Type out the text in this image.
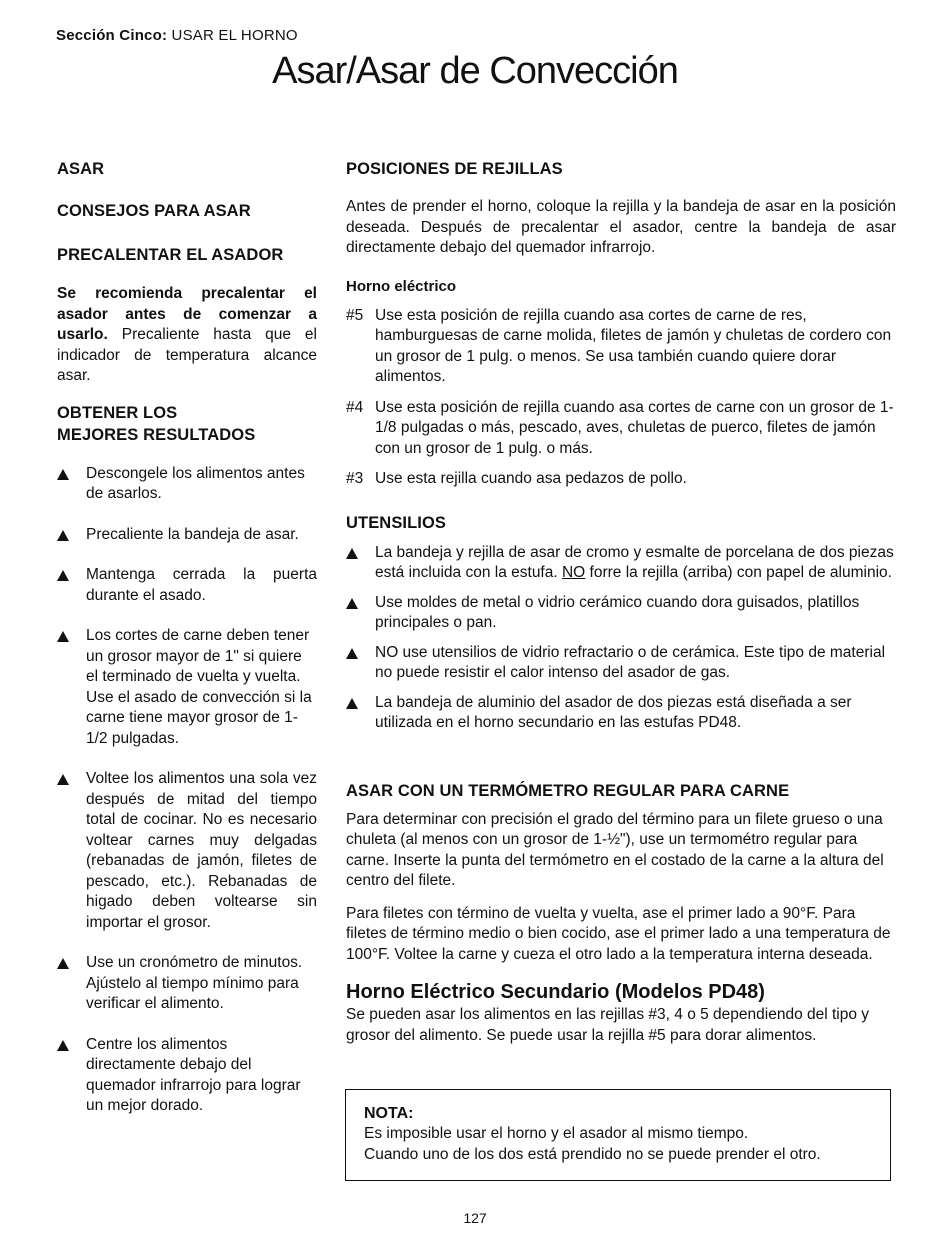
Sección Cinco: USAR EL HORNO
Asar/Asar de Convección
ASAR
CONSEJOS PARA ASAR
PRECALENTAR EL ASADOR

Se recomienda precalentar el asador antes de comenzar a usarlo. Precaliente hasta que el indicador de temperatura alcance asar.

OBTENER LOS
MEJORES RESULTADOS
Descongele los alimentos antes de asarlos.
Precaliente la bandeja de asar.
Mantenga cerrada la puerta durante el asado.
Los cortes de carne deben tener un grosor mayor de 1" si quiere el terminado de vuelta y vuelta. Use el asado de convección si la carne tiene mayor grosor de 1-1/2 pulgadas.
Voltee los alimentos una sola vez después de mitad del tiempo total de cocinar. No es necesario voltear carnes muy delgadas (rebanadas de jamón, filetes de pescado, etc.). Rebanadas de higado deben voltearse sin importar el grosor.
Use un cronómetro de minutos. Ajústelo al tiempo mínimo para verificar el alimento.
Centre los alimentos directamente debajo del quemador infrarrojo para lograr un mejor dorado.
POSICIONES DE REJILLAS

Antes de prender el horno, coloque la rejilla y la bandeja de asar en la posición deseada. Después de precalentar el asador, centre la bandeja de asar directamente debajo del quemador infrarrojo.

Horno eléctrico

#5 Use esta posición de rejilla cuando asa cortes de carne de res, hamburguesas de carne molida, filetes de jamón y chuletas de cordero con un grosor de 1 pulg. o menos. Se usa también cuando quiere dorar alimentos.
#4 Use esta posición de rejilla cuando asa cortes de carne con un grosor de 1-1/8 pulgadas o más, pescado, aves, chuletas de puerco, filetes de jamón con un grosor de 1 pulg. o más.
#3 Use esta rejilla cuando asa pedazos de pollo.
UTENSILIOS
La bandeja y rejilla de asar de cromo y esmalte de porcelana de dos piezas está incluida con la estufa. NO forre la rejilla (arriba) con papel de aluminio.
Use moldes de metal o vidrio cerámico cuando dora guisados, platillos principales o pan.
NO use utensilios de vidrio refractario o de cerámica. Este tipo de material no puede resistir el calor intenso del asador de gas.
La bandeja de aluminio del asador de dos piezas está diseñada a ser utilizada en el horno secundario en las estufas PD48.
ASAR CON UN TERMÓMETRO REGULAR PARA CARNE

Para determinar con precisión el grado del término para un filete grueso o una chuleta (al menos con un grosor de 1-½"), use un termométro regular para carne. Inserte la punta del termómetro en el costado de la carne a la altura del centro del filete.

Para filetes con término de vuelta y vuelta, ase el primer lado a 90°F. Para filetes de término medio o bien cocido, ase el primer lado a una temperatura de 100°F. Voltee la carne y cueza el otro lado a la temperatura interna deseada.

Horno Eléctrico Secundario (Modelos PD48)

Se pueden asar los alimentos en las rejillas #3, 4 o 5 dependiendo del tipo y grosor del alimento. Se puede usar la rejilla #5 para dorar alimentos.

NOTA:

Es imposible usar el horno y el asador al mismo tiempo.

Cuando uno de los dos está prendido no se puede prender el otro.

127
